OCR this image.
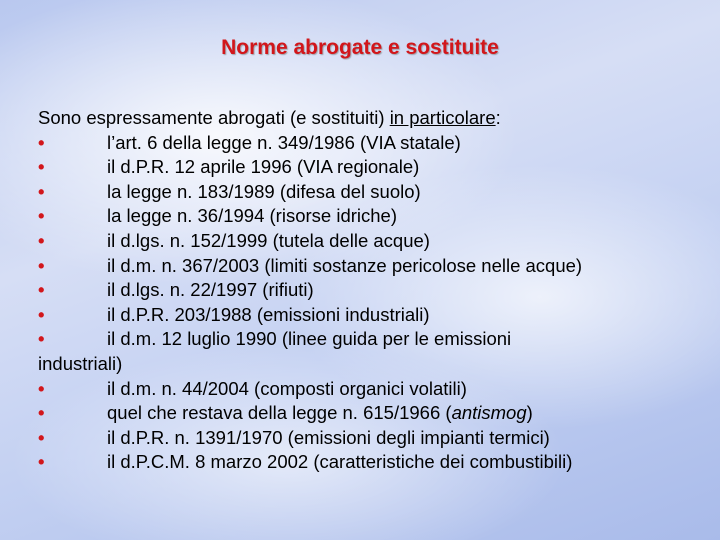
Norme abrogate e sostituite
Sono espressamente abrogati (e sostituiti) in particolare:
•	l’art. 6 della legge n. 349/1986 (VIA statale)
•	il d.P.R. 12 aprile 1996 (VIA regionale)
•	la legge n. 183/1989 (difesa del suolo)
•	la legge n. 36/1994 (risorse idriche)
•	il d.lgs. n. 152/1999 (tutela delle acque)
•	il d.m. n. 367/2003 (limiti sostanze pericolose nelle acque)
•	il d.lgs. n. 22/1997 (rifiuti)
•	il d.P.R. 203/1988 (emissioni industriali)
•	il d.m. 12 luglio 1990 (linee guida per le emissioni
industriali)
•	il d.m. n. 44/2004 (composti organici volatili)
•	quel che restava della legge n. 615/1966 (antismog)
•	il d.P.R. n. 1391/1970 (emissioni degli impianti termici)
•	il d.P.C.M. 8 marzo 2002 (caratteristiche dei combustibili)
